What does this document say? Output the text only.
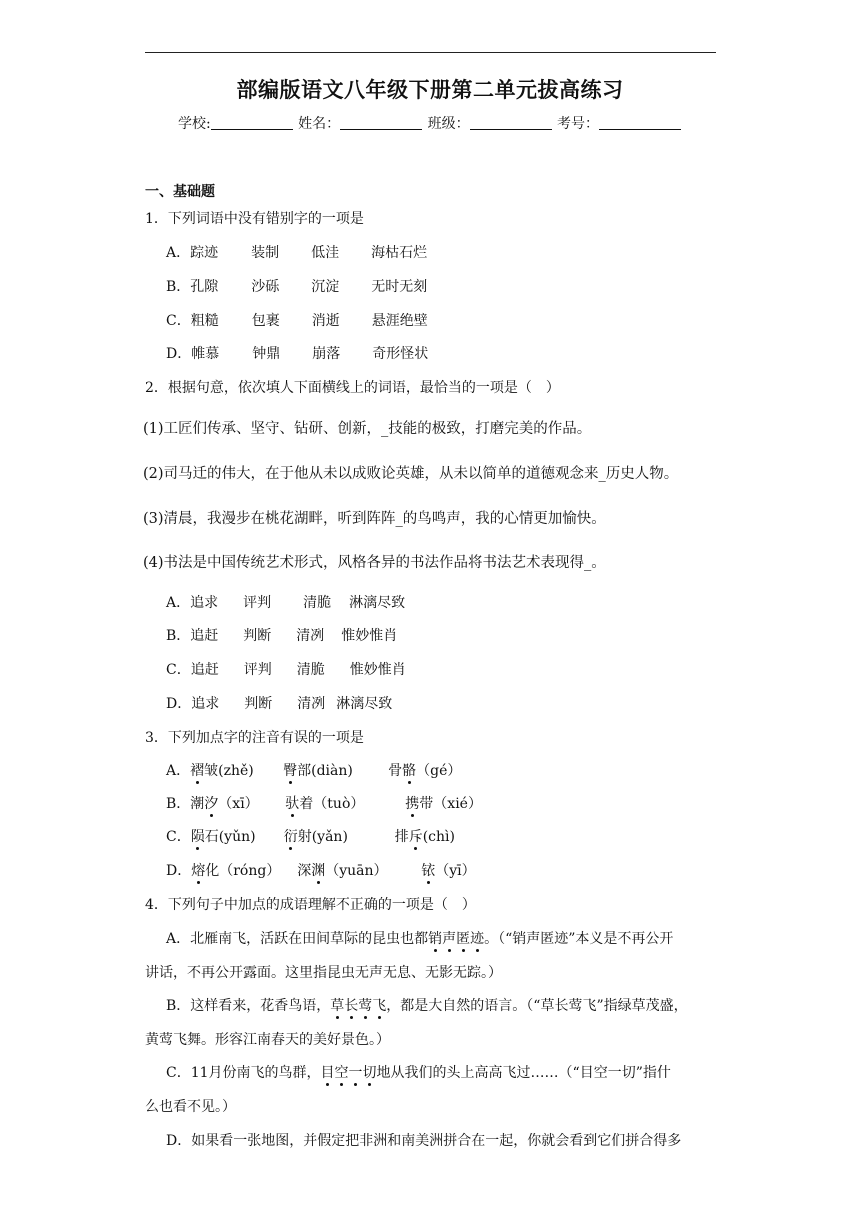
部编版语文八年级下册第二单元拔高练习
学校:	姓名：	班级：	考号：
一、基础题
1．下列词语中没有错别字的一项是
A．踪迹 装制 低洼 海枯石烂
B．孔隙 沙砾 沉淀 无时无刻
C．粗糙 包裹 消逝 悬涯绝壁
D．帷慕 钟鼎 崩落 奇形怪状
2．根据句意，依次填人下面横线上的词语，最恰当的一项是（　）
(1)工匠们传承、坚守、钻研、创新，_技能的极致，打磨完美的作品。
(2)司马迁的伟大，在于他从未以成败论英雄，从未以简单的道德观念来_历史人物。
(3)清晨，我漫步在桃花湖畔，听到阵阵_的鸟鸣声，我的心情更加愉快。
(4)书法是中国传统艺术形式，风格各异的书法作品将书法艺术表现得_。
A．追求 评判 清脆 淋漓尽致
B．追赶 判断 清冽 惟妙惟肖
C．追赶 评判 清脆 惟妙惟肖
D．追求 判断 清冽 淋漓尽致
3．下列加点字的注音有误的一项是
A．褶皱(zhě) 臀部(diàn)	骨骼（gé）
B．潮汐（xī） 驮着（tuò）	携带（xié）
C．陨石(yǔn) 衍射(yǎn)	排斥(chì)
D．熔化（róng） 深渊（yuān） 铱（yī）
4．下列句子中加点的成语理解不正确的一项是（　）
A．北雁南飞，活跃在田间草际的昆虫也都销声匿迹。（“销声匿迹”本义是不再公开
讲话，不再公开露面。这里指昆虫无声无息、无影无踪。）
B．这样看来，花香鸟语，草长莺飞，都是大自然的语言。（“草长莺飞”指绿草茂盛，
黄莺飞舞。形容江南春天的美好景色。）
C．11月份南飞的鸟群，目空一切地从我们的头上高高飞过……（“目空一切”指什
么也看不见。）
D．如果看一张地图，并假定把非洲和南美洲拼合在一起，你就会看到它们拼合得多
